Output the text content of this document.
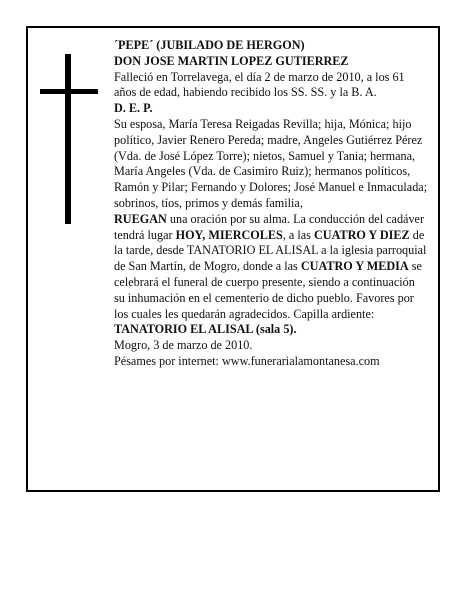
´PEPE´ (JUBILADO DE HERGON)

DON JOSE MARTIN LOPEZ GUTIERREZ

Falleció en Torrelavega, el día 2 de marzo de 2010, a los 61 años de edad, habiendo recibido los SS. SS. y la B. A.

D. E. P.

Su esposa, María Teresa Reigadas Revilla; hija, Mónica; hijo político, Javier Renero Pereda; madre, Angeles Gutiérrez Pérez (Vda. de José López Torre); nietos, Samuel y Tania; hermana, María Angeles (Vda. de Casimiro Ruiz); hermanos políticos, Ramón y Pilar; Fernando y Dolores; José Manuel e Inmaculada; sobrinos, tíos, primos y demás familia,

RUEGAN una oración por su alma. La conducción del cadáver tendrá lugar HOY, MIERCOLES, a las CUATRO Y DIEZ de la tarde, desde TANATORIO EL ALISAL a la iglesia parroquial de San Martín, de Mogro, donde a las CUATRO Y MEDIA se celebrará el funeral de cuerpo presente, siendo a continuación su inhumación en el cementerio de dicho pueblo. Favores por los cuales les quedarán agradecidos. Capilla ardiente: TANATORIO EL ALISAL (sala 5).

Mogro, 3 de marzo de 2010.

Pésames por internet: www.funerarialamontanesa.com
